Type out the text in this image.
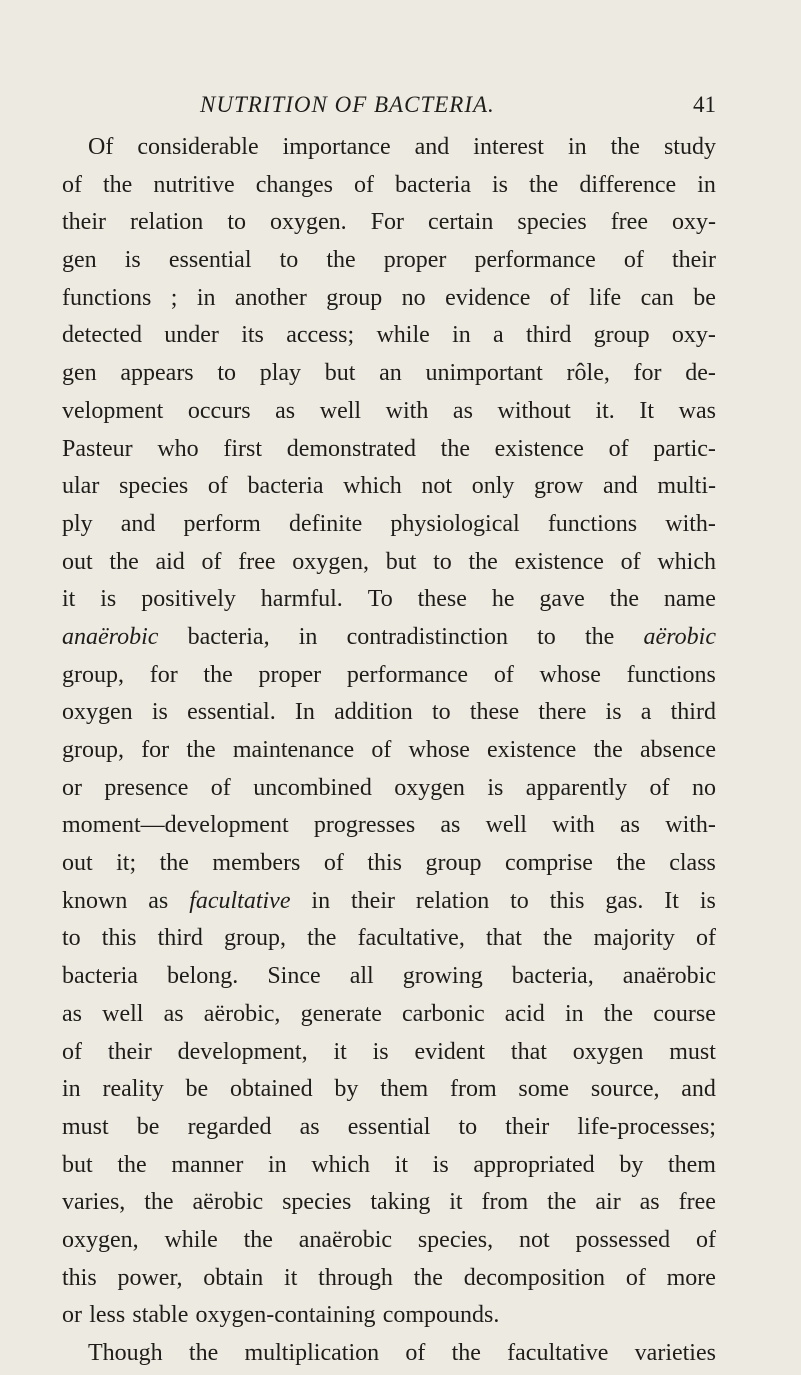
NUTRITION OF BACTERIA.	41
Of considerable importance and interest in the study
of the nutritive changes of bacteria is the difference in
their relation to oxygen. For certain species free oxy-
gen is essential to the proper performance of their
functions ; in another group no evidence of life can be
detected under its access; while in a third group oxy-
gen appears to play but an unimportant rôle, for de-
velopment occurs as well with as without it. It was
Pasteur who first demonstrated the existence of partic-
ular species of bacteria which not only grow and multi-
ply and perform definite physiological functions with-
out the aid of free oxygen, but to the existence of which
it is positively harmful. To these he gave the name
anaërobic bacteria, in contradistinction to the aërobic
group, for the proper performance of whose functions
oxygen is essential. In addition to these there is a third
group, for the maintenance of whose existence the absence
or presence of uncombined oxygen is apparently of no
moment—development progresses as well with as with-
out it; the members of this group comprise the class
known as facultative in their relation to this gas. It is
to this third group, the facultative, that the majority of
bacteria belong. Since all growing bacteria, anaërobic
as well as aërobic, generate carbonic acid in the course
of their development, it is evident that oxygen must
in reality be obtained by them from some source, and
must be regarded as essential to their life-processes;
but the manner in which it is appropriated by them
varies, the aërobic species taking it from the air as free
oxygen, while the anaërobic species, not possessed of
this power, obtain it through the decomposition of more
or less stable oxygen-containing compounds.
Though the multiplication of the facultative varieties
